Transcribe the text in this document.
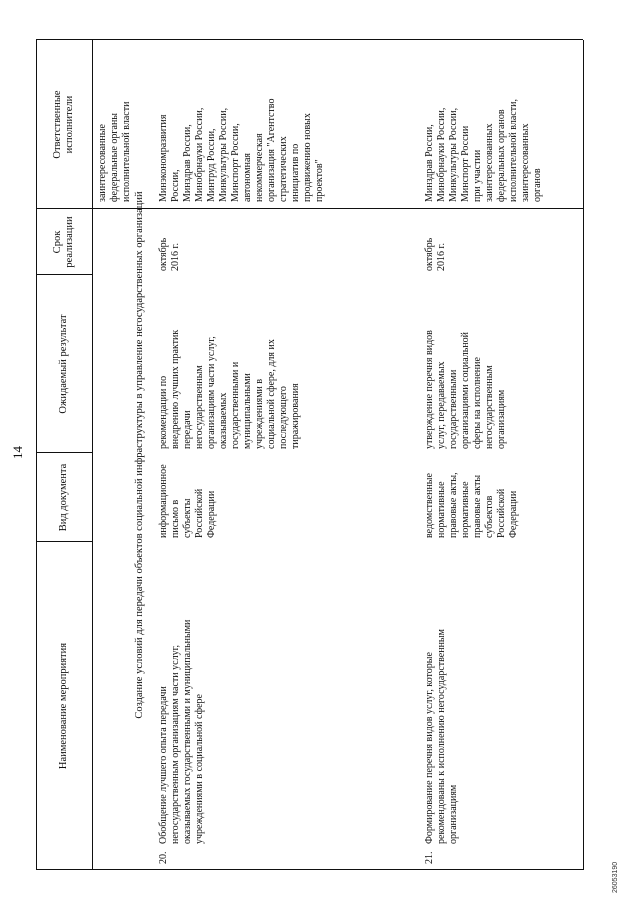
14
Наименование мероприятия
Вид документа
Ожидаемый результат
Срок
реализации
Ответственные
исполнители заинтересованные
федеральные органы
исполнительной власти
Создание условий для передачи объектов социальной инфраструктуры в управление негосударственных организаций
20.
Обобщение лучшего опыта передачи
негосударственным организациям части услуг,
оказываемых государственными и муниципальными
учреждениями в социальной сфере
информационное
письмо в
субъекты
Российской
Федерации
рекомендации по
внедрению лучших практик
передачи
негосударственным
организациям части услуг,
оказываемых
государственными и
муниципальными
учреждениями в
социальной сфере, для их
последующего
тиражирования
октябрь
2016 г.
Минэкономразвития
России,
Минздрав России,
Минобрнауки России,
Минтруд России,
Минкультуры России,
Минспорт России,
автономная
некоммерческая
организация "Агентство
стратегических
инициатив по
продвижению новых
проектов"
21.
Формирование перечня видов услуг, которые
рекомендованы к исполнению негосударственным
организациям
ведомственные
нормативные
правовые акты,
нормативные
правовые акты
субъектов
Российской
Федерации
утверждение перечня видов
услуг, передаваемых
государственными
организациями социальной
сферы на исполнение
негосударственным
организациям
октябрь
2016 г.
Минздрав России,
Минобрнауки России,
Минкультуры России,
Минспорт России
при участии
заинтересованных
федеральных органов
исполнительной власти,
заинтересованных
органов
26053190
